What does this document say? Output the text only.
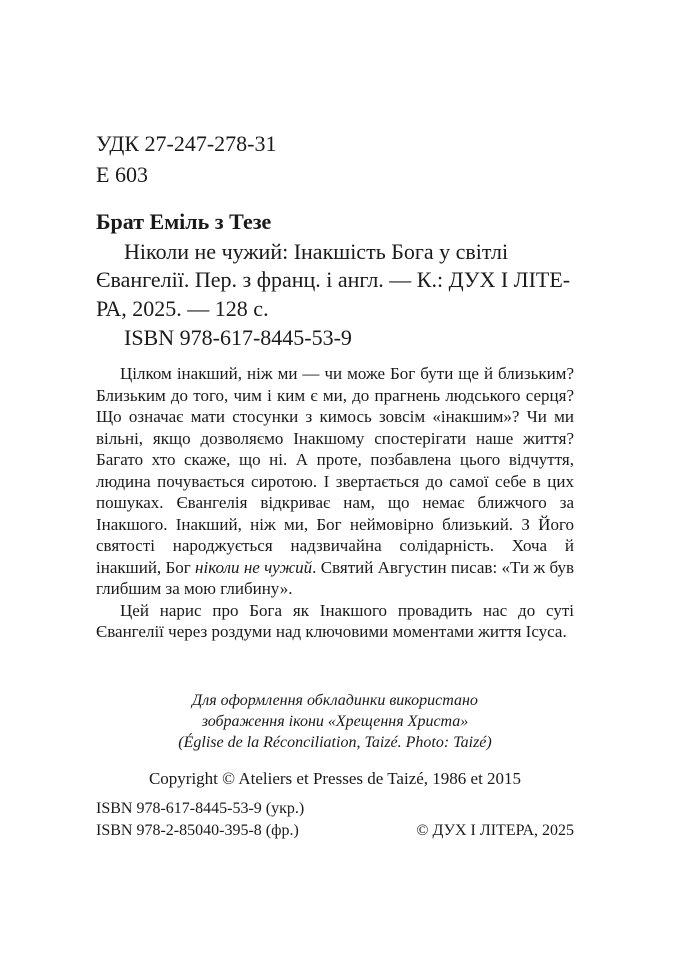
УДК 27-247-278-31
Е 603
Брат Еміль з Тезе
Ніколи не чужий: Інакшість Бога у світлі
Євангелії. Пер. з франц. і англ. — К.: ДУХ І ЛІТЕ-
РА, 2025. — 128 с.
ISBN 978-617-8445-53-9

Цілком інакший, ніж ми — чи може Бог бути ще й близьким? Близьким до того, чим і ким є ми, до прагнень людського серця? Що означає мати стосунки з кимось зовсім «інакшим»? Чи ми вільні, якщо дозволяємо Інакшому спостерігати наше життя? Багато хто скаже, що ні. А проте, позбавлена цього відчуття, людина почувається сиротою. І звертається до самої себе в цих пошуках. Євангелія відкриває нам, що немає ближчого за Інакшого. Інакший, ніж ми, Бог неймовірно близький. З Його святості народжується надзвичайна солідарність. Хоча й інакший, Бог ніколи не чужий. Святий Августин писав: «Ти ж був глибшим за мою глибину».

Цей нарис про Бога як Інакшого провадить нас до суті Євангелії через роздуми над ключовими моментами життя Ісуса.

Для оформлення обкладинки використано
зображення ікони «Хрещення Христа»
(Église de la Réconciliation, Taizé. Photo: Taizé)
Copyright © Ateliers et Presses de Taizé, 1986 et 2015
ISBN 978-617-8445-53-9 (укр.)
ISBN 978-2-85040-395-8 (фр.)	© ДУХ І ЛІТЕРА, 2025
